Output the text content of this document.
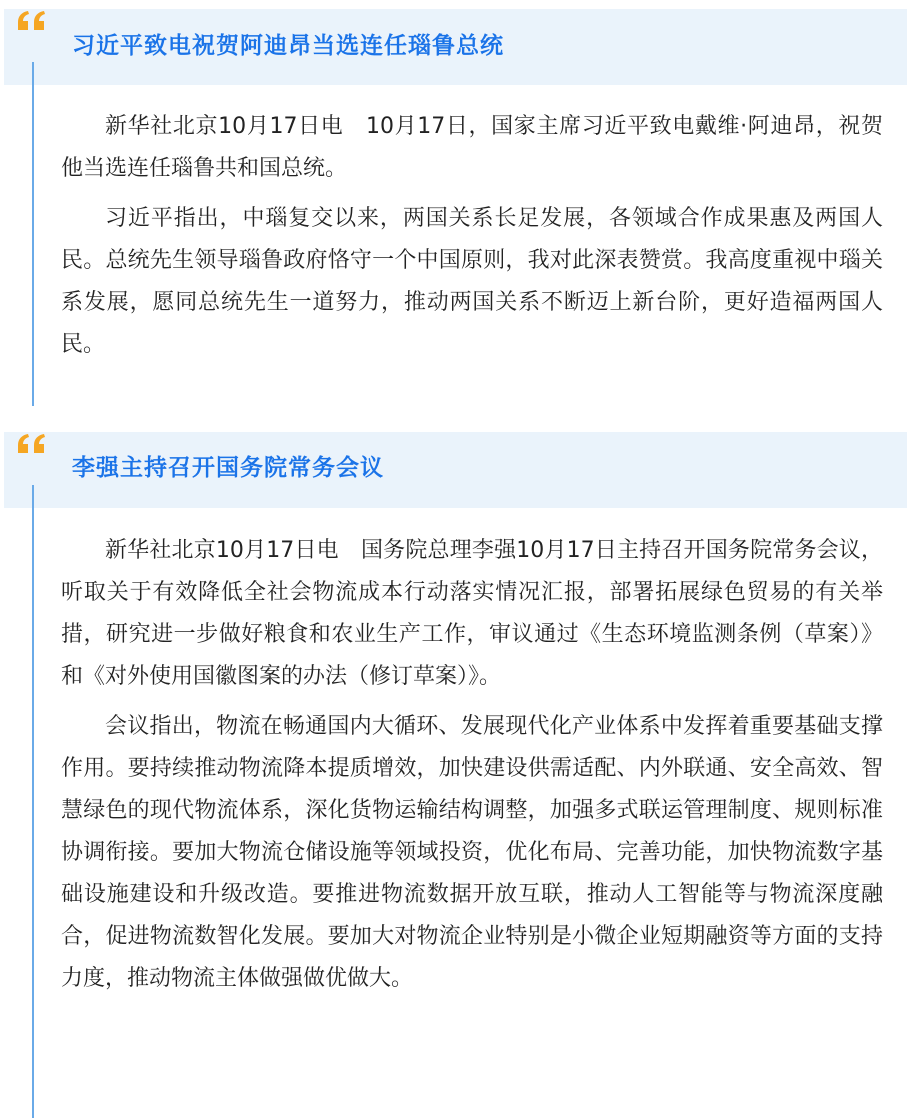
习近平致电祝贺阿迪昂当选连任瑙鲁总统

新华社北京10月17日电　10月17日，国家主席习近平致电戴维·阿迪昂，祝贺他当选连任瑙鲁共和国总统。

习近平指出，中瑙复交以来，两国关系长足发展，各领域合作成果惠及两国人民。总统先生领导瑙鲁政府恪守一个中国原则，我对此深表赞赏。我高度重视中瑙关系发展，愿同总统先生一道努力，推动两国关系不断迈上新台阶，更好造福两国人民。

李强主持召开国务院常务会议

新华社北京10月17日电　国务院总理李强10月17日主持召开国务院常务会议，听取关于有效降低全社会物流成本行动落实情况汇报，部署拓展绿色贸易的有关举措，研究进一步做好粮食和农业生产工作，审议通过《生态环境监测条例（草案）》和《对外使用国徽图案的办法（修订草案）》。

会议指出，物流在畅通国内大循环、发展现代化产业体系中发挥着重要基础支撑作用。要持续推动物流降本提质增效，加快建设供需适配、内外联通、安全高效、智慧绿色的现代物流体系，深化货物运输结构调整，加强多式联运管理制度、规则标准协调衔接。要加大物流仓储设施等领域投资，优化布局、完善功能，加快物流数字基础设施建设和升级改造。要推进物流数据开放互联，推动人工智能等与物流深度融合，促进物流数智化发展。要加大对物流企业特别是小微企业短期融资等方面的支持力度，推动物流主体做强做优做大。
